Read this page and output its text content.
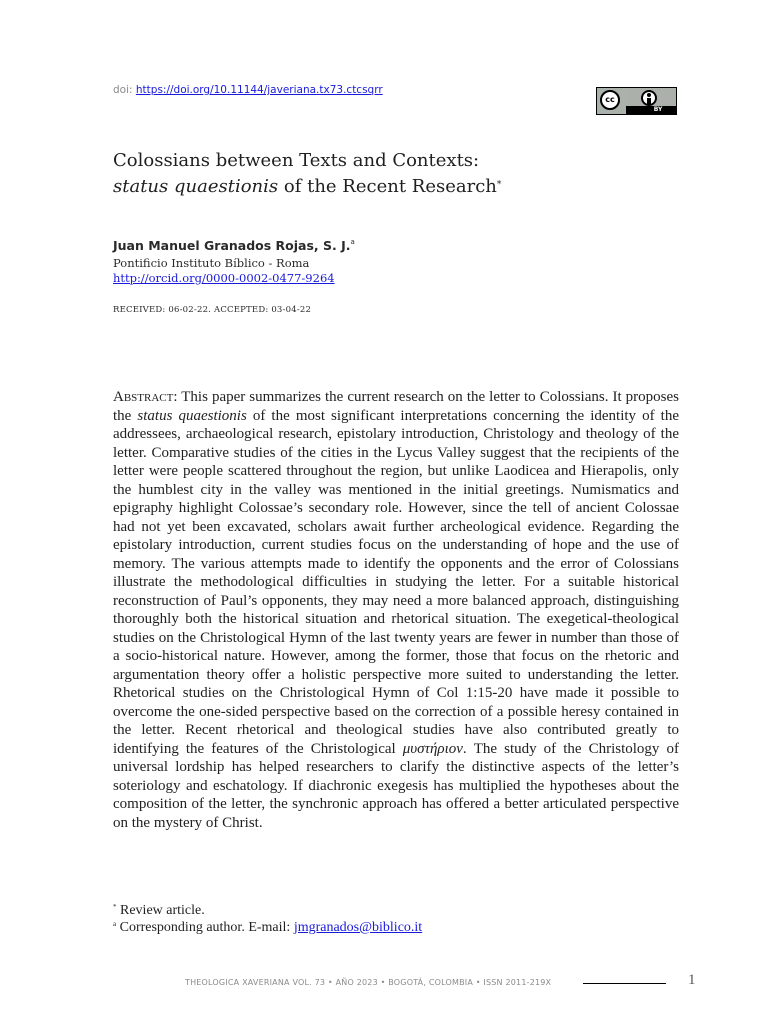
doi: https://doi.org/10.11144/javeriana.tx73.ctcsqrr
cc
BY
Colossians between Texts and Contexts:
status quaestionis of the Recent Research*
Juan Manuel Granados Rojas, S. J.$^a$
Pontificio Instituto Bíblico - Roma
http://orcid.org/0000-0002-0477-9264
RECEIVED: 06-02-22. ACCEPTED: 03-04-22

Abstract: This paper summarizes the current research on the letter to Colossians. It proposes the status quaestionis of the most significant interpretations concerning the identity of the addressees, archaeological research, epistolary introduction, Christology and theology of the letter. Comparative studies of the cities in the Lycus Valley suggest that the recipients of the letter were people scattered throughout the region, but unlike Laodicea and Hierapolis, only the humblest city in the valley was mentioned in the initial greetings. Numismatics and epigraphy highlight Colossae’s secondary role. However, since the tell of ancient Colossae had not yet been excavated, scholars await further archeological evidence. Regarding the epistolary introduction, current studies focus on the understanding of hope and the use of memory. The various attempts made to identify the opponents and the error of Colossians illustrate the methodological difficulties in studying the letter. For a suitable historical reconstruction of Paul’s opponents, they may need a more balanced approach, distinguishing thoroughly both the historical situation and rhetorical situation. The exegetical-theological studies on the Christological Hymn of the last twenty years are fewer in number than those of a socio-historical nature. However, among the former, those that focus on the rhetoric and argumentation theory offer a holistic perspective more suited to understanding the letter. Rhetorical studies on the Christological Hymn of Col 1:15-20 have made it possible to overcome the one-sided perspective based on the correction of a possible heresy contained in the letter. Recent rhetorical and theological studies have also contributed greatly to identifying the features of the Christological μυστήριον. The study of the Christology of universal lordship has helped researchers to clarify the distinctive aspects of the letter’s soteriology and eschatology. If diachronic exegesis has multiplied the hypotheses about the composition of the letter, the synchronic approach has offered a better articulated perspective on the mystery of Christ.

* Review article.
$^a$ Corresponding author. E-mail: jmgranados@biblico.it
THEOLOGICA XAVERIANA VOL. 73 • AÑO 2023 • BOGOTÁ, COLOMBIA • ISSN 2011-219X	1
